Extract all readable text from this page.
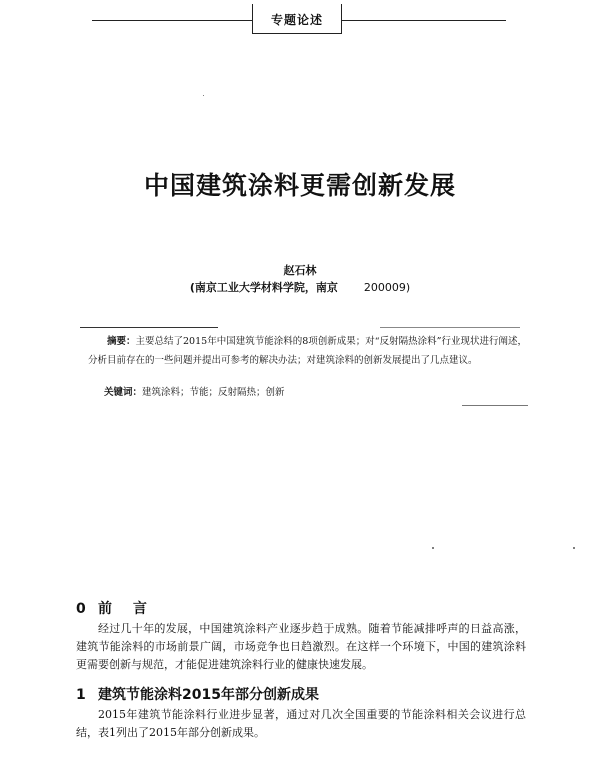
专题论述
中国建筑涂料更需创新发展
赵石林
(南京工业大学材料学院，南京 200009)
摘要：主要总结了2015年中国建筑节能涂料的8项创新成果；对“反射隔热涂料”行业现状进行阐述，分析目前存在的一些问题并提出可参考的解决办法；对建筑涂料的创新发展提出了几点建议。
关键词：建筑涂料；节能；反射隔热；创新
0 前 言
经过几十年的发展，中国建筑涂料产业逐步趋于成熟。随着节能减排呼声的日益高涨，建筑节能涂料的市场前景广阔，市场竞争也日趋激烈。在这样一个环境下，中国的建筑涂料更需要创新与规范，才能促进建筑涂料行业的健康快速发展。
1 建筑节能涂料2015年部分创新成果
2015年建筑节能涂料行业进步显著，通过对几次全国重要的节能涂料相关会议进行总结，表1列出了2015年部分创新成果。
